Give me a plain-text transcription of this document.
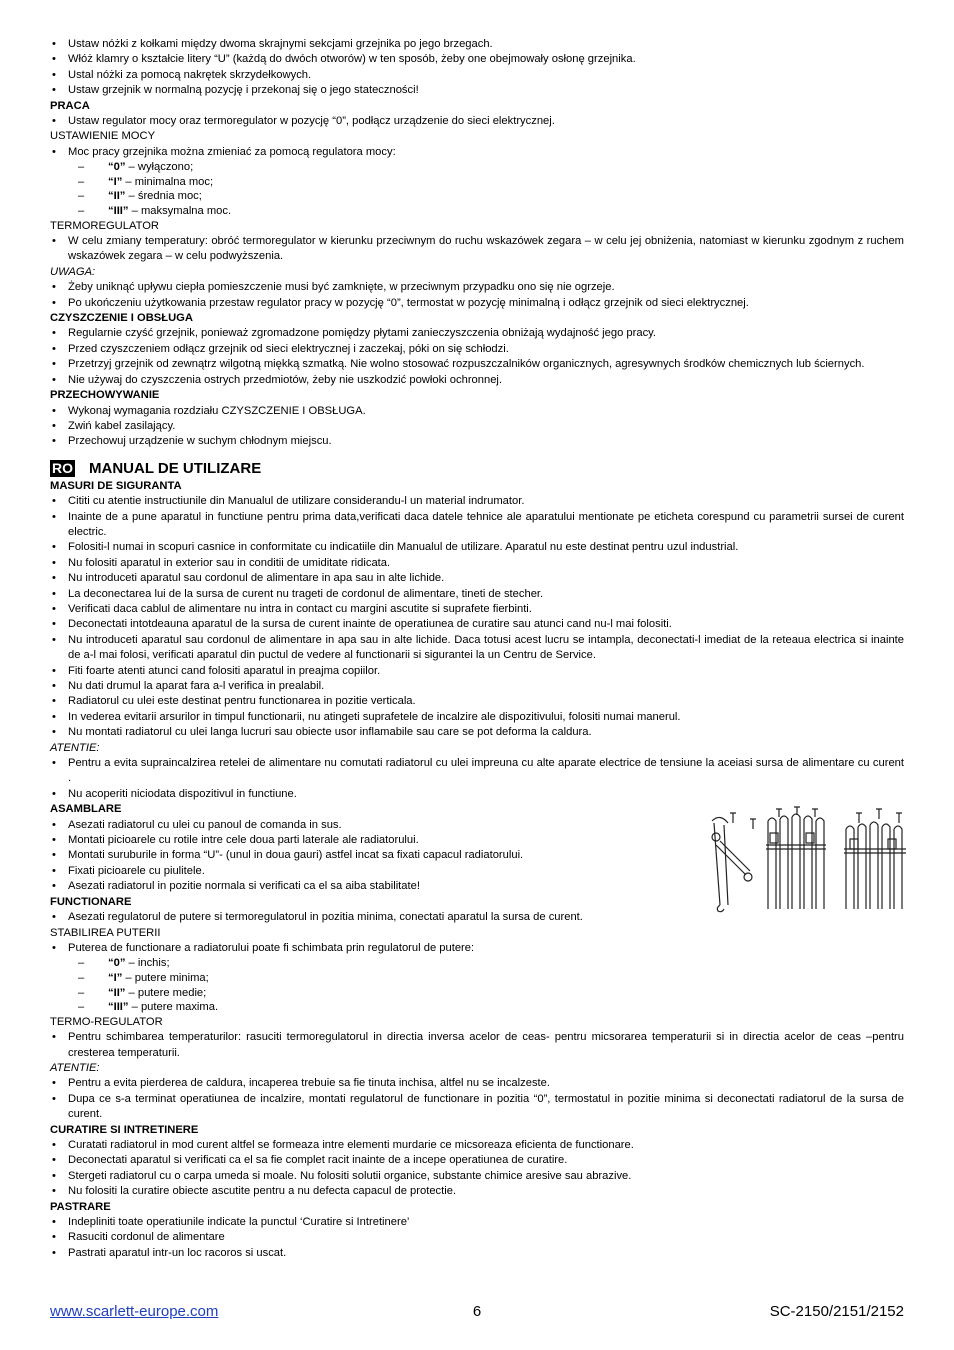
• Ustaw nóżki z kołkami między dwoma skrajnymi sekcjami grzejnika po jego brzegach.
• Włóż klamry o kształcie litery “U” (każdą do dwóch otworów) w ten sposób, żeby one obejmowały osłonę grzejnika.
• Ustal nóżki za pomocą nakrętek skrzydełkowych.
• Ustaw grzejnik w normalną pozycję i przekonaj się o jego stateczności!
PRACA
• Ustaw regulator mocy oraz termoregulator w pozycję “0”, podłącz urządzenie do sieci elektrycznej.
USTAWIENIE MOCY
• Moc pracy grzejnika można zmieniać za pomocą regulatora mocy:
– “0” – wyłączono;
– “I” – minimalna moc;
– “II” – średnia moc;
– “III” – maksymalna moc.
TERMOREGULATOR
• W celu zmiany temperatury: obróć termoregulator w kierunku przeciwnym do ruchu wskazówek zegara – w celu jej obniżenia, natomiast w kierunku zgodnym z ruchem wskazówek zegara – w celu podwyższenia.
UWAGA:
• Żeby uniknąć upływu ciepła pomieszczenie musi być zamknięte, w przeciwnym przypadku ono się nie ogrzeje.
• Po ukończeniu użytkowania przestaw regulator pracy w pozycję “0”, termostat w pozycję minimalną i odłącz grzejnik od sieci elektrycznej.
CZYSZCZENIE I OBSŁUGA
• Regularnie czyść grzejnik, ponieważ zgromadzone pomiędzy płytami zanieczyszczenia obniżają wydajność jego pracy.
• Przed czyszczeniem odłącz grzejnik od sieci elektrycznej i zaczekaj, póki on się schłodzi.
• Przetrzyj grzejnik od zewnątrz wilgotną miękką szmatką. Nie wolno stosować rozpuszczalników organicznych, agresywnych środków chemicznych lub ściernych.
• Nie używaj do czyszczenia ostrych przedmiotów, żeby nie uszkodzić powłoki ochronnej.
PRZECHOWYWANIE
• Wykonaj wymagania rozdziału CZYSZCZENIE I OBSŁUGA.
• Zwiń kabel zasilający.
• Przechowuj urządzenie w suchym chłodnym miejscu.
RO MANUAL DE UTILIZARE
MASURI DE SIGURANTA
• Cititi cu atentie instructiunile din Manualul de utilizare considerandu-l un material indrumator.
• Inainte de a pune aparatul in functiune pentru prima data,verificati daca datele tehnice ale aparatului mentionate pe eticheta corespund cu parametrii sursei de curent electric.
• Folositi-l numai in scopuri casnice in conformitate cu indicatiile din Manualul de utilizare. Aparatul nu este destinat pentru uzul industrial.
• Nu folositi aparatul in exterior sau in conditii de umiditate ridicata.
• Nu introduceti aparatul sau cordonul de alimentare in apa sau in alte lichide.
• La deconectarea lui de la sursa de curent nu trageti de cordonul de alimentare, tineti de stecher.
• Verificati daca cablul de alimentare nu intra in contact cu margini ascutite si suprafete fierbinti.
• Deconectati intotdeauna aparatul de la sursa de curent inainte de operatiunea de curatire sau atunci cand nu-l mai folositi.
• Nu introduceti aparatul sau cordonul de alimentare in apa sau in alte lichide. Daca totusi acest lucru se intampla, deconectati-l imediat de la reteaua electrica si inainte de a-l mai folosi, verificati aparatul din puctul de vedere al functionarii si sigurantei la un Centru de Service.
• Fiti foarte atenti atunci cand folositi aparatul in preajma copiilor.
• Nu dati drumul la aparat fara a-l verifica in prealabil.
• Radiatorul cu ulei este destinat pentru functionarea in pozitie verticala.
• In vederea evitarii arsurilor in timpul functionarii, nu atingeti suprafetele de incalzire ale dispozitivului, folositi numai manerul.
• Nu montati radiatorul cu ulei langa lucruri sau obiecte usor inflamabile sau care se pot deforma la caldura.
ATENTIE:
• Pentru a evita supraincalzirea retelei de alimentare nu comutati radiatorul cu ulei impreuna cu alte aparate electrice de tensiune la aceiasi sursa de alimentare cu curent .
• Nu acoperiti niciodata dispozitivul in functiune.
ASAMBLARE
• Asezati radiatorul cu ulei cu panoul de comanda in sus.
• Montati picioarele cu rotile intre cele doua parti laterale ale radiatorului.
• Montati suruburile in forma “U”- (unul in doua gauri) astfel incat sa fixati capacul radiatorului.
• Fixati picioarele cu piulitele.
• Asezati radiatorul in pozitie normala si verificati ca el sa aiba stabilitate!
FUNCTIONARE
• Asezati regulatorul de putere si termoregulatorul in pozitia minima, conectati aparatul la sursa de curent.
STABILIREA PUTERII
• Puterea de functionare a radiatorului poate fi schimbata prin regulatorul de putere:
– “0” – inchis;
– “I” – putere minima;
– “II” – putere medie;
– “III” – putere maxima.
TERMO-REGULATOR
• Pentru schimbarea temperaturilor: rasuciti termoregulatorul in directia inversa acelor de ceas- pentru micsorarea temperaturii si in directia acelor de ceas –pentru cresterea temperaturii.
ATENTIE:
• Pentru a evita pierderea de caldura, incaperea trebuie sa fie tinuta inchisa, altfel nu se incalzeste.
• Dupa ce s-a terminat operatiunea de incalzire, montati regulatorul de functionare in pozitia “0”, termostatul in pozitie minima si deconectati radiatorul de la sursa de curent.
CURATIRE SI INTRETINERE
• Curatati radiatorul in mod curent altfel se formeaza intre elementi murdarie ce micsoreaza eficienta de functionare.
• Deconectati aparatul si verificati ca el sa fie complet racit inainte de a incepe operatiunea de curatire.
• Stergeti radiatorul cu o carpa umeda si moale. Nu folositi solutii organice, substante chimice aresive sau abrazive.
• Nu folositi la curatire obiecte ascutite pentru a nu defecta capacul de protectie.
PASTRARE
• Indepliniti toate operatiunile indicate la punctul ‘Curatire si Intretinere’
• Rasuciti cordonul de alimentare
• Pastrati aparatul intr-un loc racoros si uscat.
www.scarlett-europe.com	6	SC-2150/2151/2152
